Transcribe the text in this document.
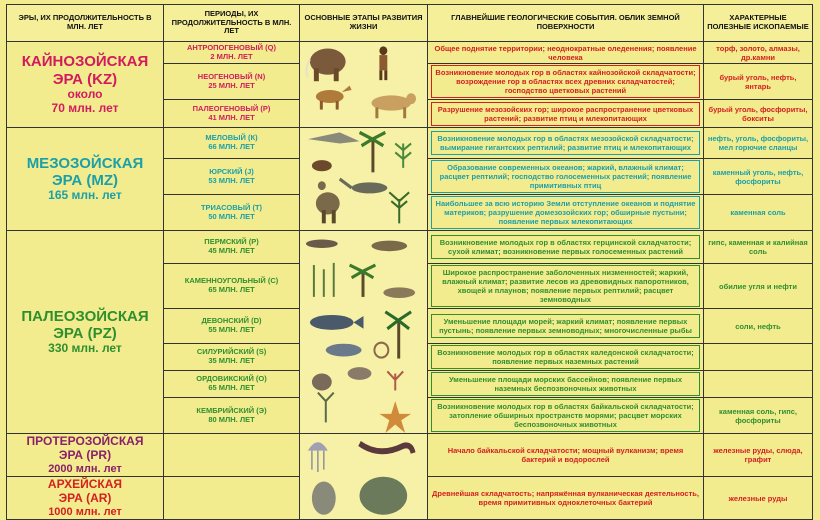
ЭРЫ, ИХ ПРОДОЛЖИТЕЛЬНОСТЬ В МЛН. ЛЕТ	ПЕРИОДЫ, ИХ ПРОДОЛЖИТЕЛЬНОСТЬ В МЛН. ЛЕТ	ОСНОВНЫЕ ЭТАПЫ РАЗВИТИЯ ЖИЗНИ	ГЛАВНЕЙШИЕ ГЕОЛОГИЧЕСКИЕ СОБЫТИЯ. ОБЛИК ЗЕМНОЙ ПОВЕРХНОСТИ	ХАРАКТЕРНЫЕ ПОЛЕЗНЫЕ ИСКОПАЕМЫЕ

КАЙНОЗОЙСКАЯ
ЭРА (KZ)
около
70 млн. лет	АНТРОПОГЕНОВЫЙ (Q)
2 МЛН. ЛЕТ		Общее поднятие территории; неоднократные оледенения; появление человека	торф, золото, алмазы, др.камни

	НЕОГЕНОВЫЙ (N)
25 МЛН. ЛЕТ		Возникновение молодых гор в областях кайнозойской складчатости; возрождение гор в областях всех древних складчатостей; господство цветковых растений	бурый уголь, нефть, янтарь

	ПАЛЕОГЕНОВЫЙ (P)
41 МЛН. ЛЕТ		Разрушение мезозойских гор; широкое распространение цветковых растений; развитие птиц и млекопитающих	бурый уголь, фосфориты, бокситы

МЕЗОЗОЙСКАЯ
ЭРА (MZ)
165 млн. лет	МЕЛОВЫЙ (К)
66 МЛН. ЛЕТ		Возникновение молодых гор в областях мезозойской складчатости; вымирание гигантских рептилий; развитие птиц и млекопитающих	нефть, уголь, фосфориты, мел горючие сланцы

	ЮРСКИЙ (J)
53 МЛН. ЛЕТ		Образование современных океанов; жаркий, влажный климат; расцвет рептилий; господство голосеменных растений; появление примитивных птиц	каменный уголь, нефть, фосфориты

	ТРИАСОВЫЙ (T)
50 МЛН. ЛЕТ		Наибольшее за всю историю Земли отступление океанов и поднятие материков; разрушение домезозойских гор; обширные пустыни; появление первых млекопитающих	каменная соль

ПАЛЕОЗОЙСКАЯ
ЭРА (PZ)
330 млн. лет	ПЕРМСКИЙ (P)
45 МЛН. ЛЕТ		Возникновение молодых гор в областях герцинской складчатости; сухой климат; возникновение первых голосеменных растений	гипс, каменная и калийная соль

	КАМЕННОУГОЛЬНЫЙ (С)
65 МЛН. ЛЕТ		Широкое распространение заболоченных низменностей; жаркий, влажный климат; развитие лесов из древовидных папоротников, хвощей и плаунов; появление первых рептилий; расцвет земноводных	обилие угля и нефти

	ДЕВОНСКИЙ (D)
55 МЛН. ЛЕТ		Уменьшение площади морей; жаркий климат; появление первых пустынь; появление первых земноводных; многочисленные рыбы	соли, нефть

	СИЛУРИЙСКИЙ (S)
35 МЛН. ЛЕТ		Возникновение молодых гор в областях каледонской складчатости; появление первых наземных растений	

	ОРДОВИКСКИЙ (О)
65 МЛН. ЛЕТ		Уменьшение площади морских бассейнов; появление первых наземных беспозвоночных животных	

	КЕМБРИЙСКИЙ (Э)
80 МЛН. ЛЕТ		Возникновение молодых гор в областях байкальской складчатости; затопление обширных пространств морями; расцвет морских беспозвоночных животных	каменная соль, гипс, фосфориты

ПРОТЕРОЗОЙСКАЯ
ЭРА (PR)
2000 млн. лет			Начало байкальской складчатости; мощный вулканизм; время бактерий и водорослей	железные руды, слюда, графит

АРХЕЙСКАЯ
ЭРА (AR)
1000 млн. лет			Древнейшая складчатость; напряжённая вулканическая деятельность, время примитивных одноклеточных бактерий	железные руды
